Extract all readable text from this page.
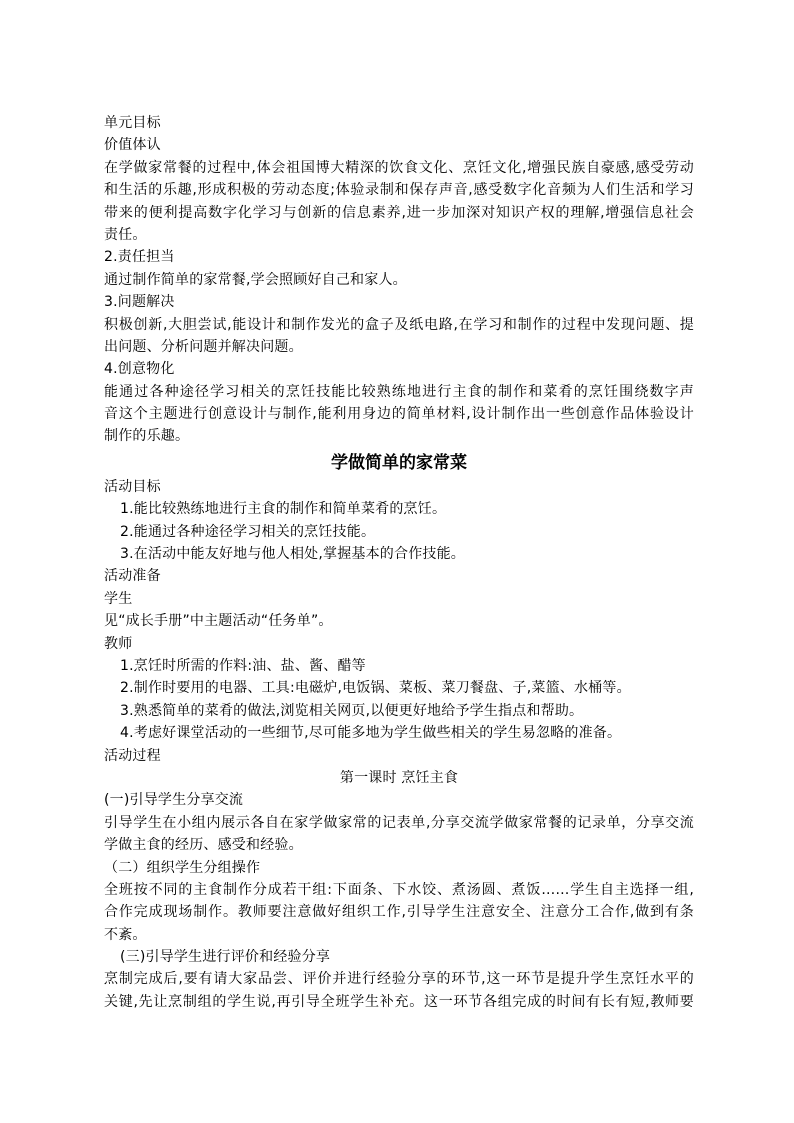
单元目标
价值体认
在学做家常餐的过程中,体会祖国博大精深的饮食文化、烹饪文化,增强民族自豪感,感受劳动
和生活的乐趣,形成积极的劳动态度;体验录制和保存声音,感受数字化音频为人们生活和学习
带来的便利提高数字化学习与创新的信息素养,进一步加深对知识产权的理解,增强信息社会
责任。
2.责任担当
通过制作简单的家常餐,学会照顾好自己和家人。
3.问题解决
积极创新,大胆尝试,能设计和制作发光的盒子及纸电路,在学习和制作的过程中发现问题、提
出问题、分析问题并解决问题。
4.创意物化
能通过各种途径学习相关的烹饪技能比较熟练地进行主食的制作和菜肴的烹饪围绕数字声
音这个主题进行创意设计与制作,能利用身边的简单材料,设计制作出一些创意作品体验设计
制作的乐趣。
学做简单的家常菜
活动目标
1.能比较熟练地进行主食的制作和简单菜肴的烹饪。
2.能通过各种途径学习相关的烹饪技能。
3.在活动中能友好地与他人相处,掌握基本的合作技能。
活动准备
学生
见“成长手册”中主题活动“任务单”。
教师
1.烹饪时所需的作料:油、盐、酱、醋等
2.制作时要用的电器、工具:电磁炉,电饭锅、菜板、菜刀餐盘、子,菜篮、水桶等。
3.熟悉简单的菜肴的做法,浏览相关网页,以便更好地给予学生指点和帮助。
4.考虑好课堂活动的一些细节,尽可能多地为学生做些相关的学生易忽略的准备。
活动过程
第一课时 烹饪主食
(一)引导学生分享交流
引导学生在小组内展示各自在家学做家常的记表单,分享交流学做家常餐的记录单，分享交流
学做主食的经历、感受和经验。
（二）组织学生分组操作
全班按不同的主食制作分成若干组:下面条、下水饺、煮汤圆、煮饭……学生自主选择一组,
合作完成现场制作。教师要注意做好组织工作,引导学生注意安全、注意分工合作,做到有条
不紊。
(三)引导学生进行评价和经验分享
烹制完成后,要有请大家品尝、评价并进行经验分享的环节,这一环节是提升学生烹饪水平的
关键,先让烹制组的学生说,再引导全班学生补充。这一环节各组完成的时间有长有短,教师要
